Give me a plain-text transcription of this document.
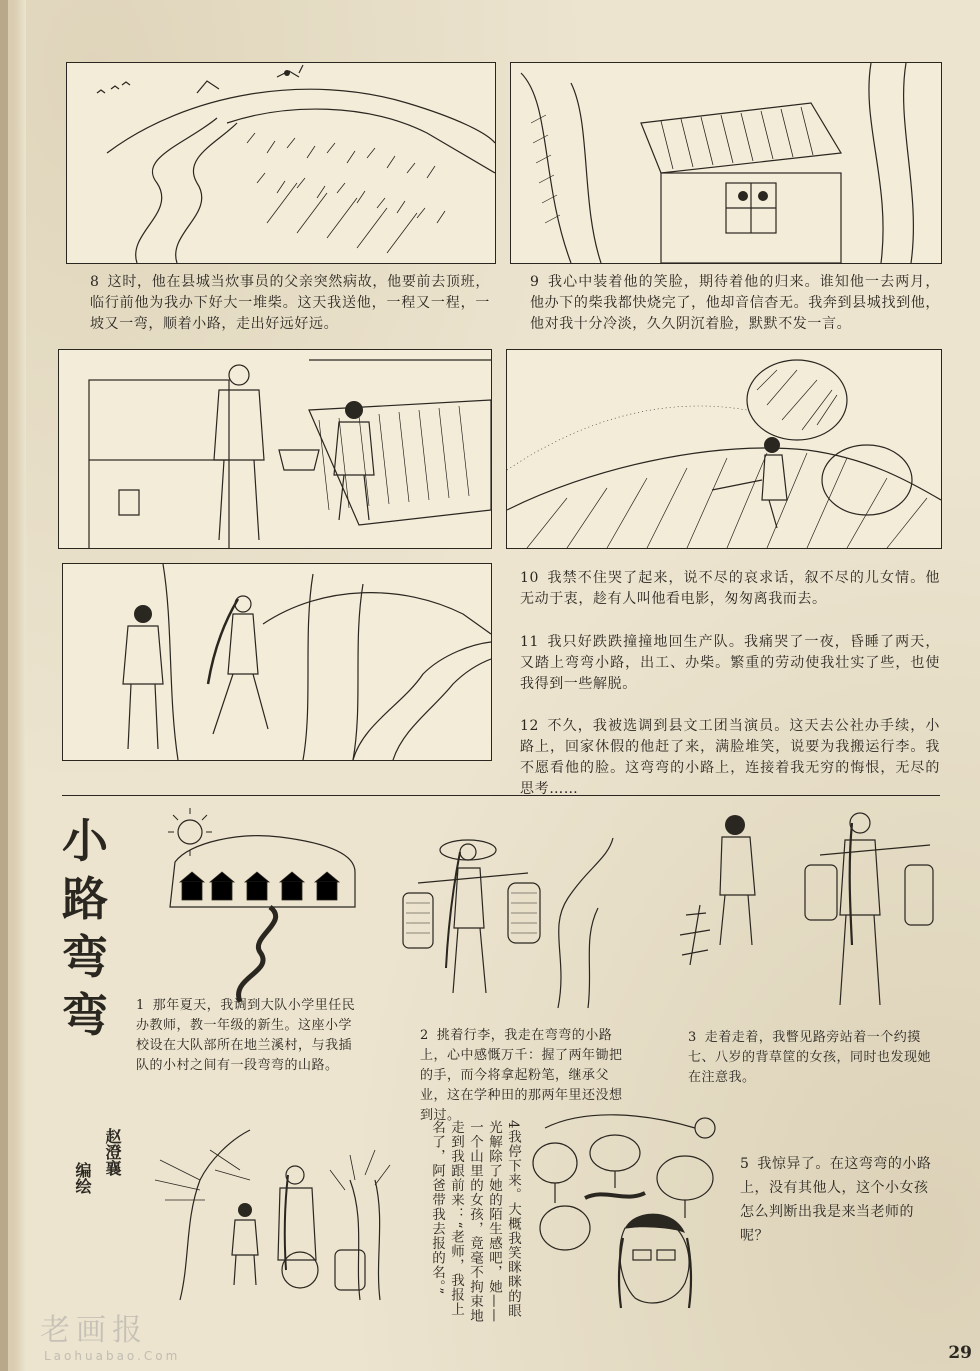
8 这时，他在县城当炊事员的父亲突然病故，他要前去顶班，临行前他为我办下好大一堆柴。这天我送他，一程又一程，一坡又一弯，顺着小路，走出好远好远。
9 我心中装着他的笑脸，期待着他的归来。谁知他一去两月，他办下的柴我都快烧完了，他却音信杳无。我奔到县城找到他，他对我十分冷淡，久久阴沉着脸，默默不发一言。
10 我禁不住哭了起来，说不尽的哀求话，叙不尽的儿女情。他无动于衷，趁有人叫他看电影，匆匆离我而去。
11 我只好跌跌撞撞地回生产队。我痛哭了一夜，昏睡了两天，又踏上弯弯小路，出工、办柴。繁重的劳动使我壮实了些，也使我得到一些解脱。
12 不久，我被选调到县文工团当演员。这天去公社办手续，小路上，回家休假的他赶了来，满脸堆笑，说要为我搬运行李。我不愿看他的脸。这弯弯的小路上，连接着我无穷的悔恨，无尽的思考……
小路弯弯
赵澄襄
编绘
1 那年夏天，我调到大队小学里任民办教师，教一年级的新生。这座小学校设在大队部所在地兰溪村，与我插队的小村之间有一段弯弯的山路。
2 挑着行李，我走在弯弯的小路上，心中感慨万千：握了两年锄把的手，而今将拿起粉笔，继承父业，这在学种田的那两年里还没想到过。
3 走着走着，我瞥见路旁站着一个约摸七、八岁的背草筐的女孩，同时也发现她在注意我。
4我停下来。大概我笑眯眯的眼光解除了她的陌生感吧，她——一个山里的女孩，竟毫不拘束地走到我跟前来：“老师，我报上名了，阿爸带我去报的名。”	5 我惊异了。在这弯弯的小路上，没有其他人，这个小女孩怎么判断出我是来当老师的呢？
老画报
Laohuabao.Com	29
